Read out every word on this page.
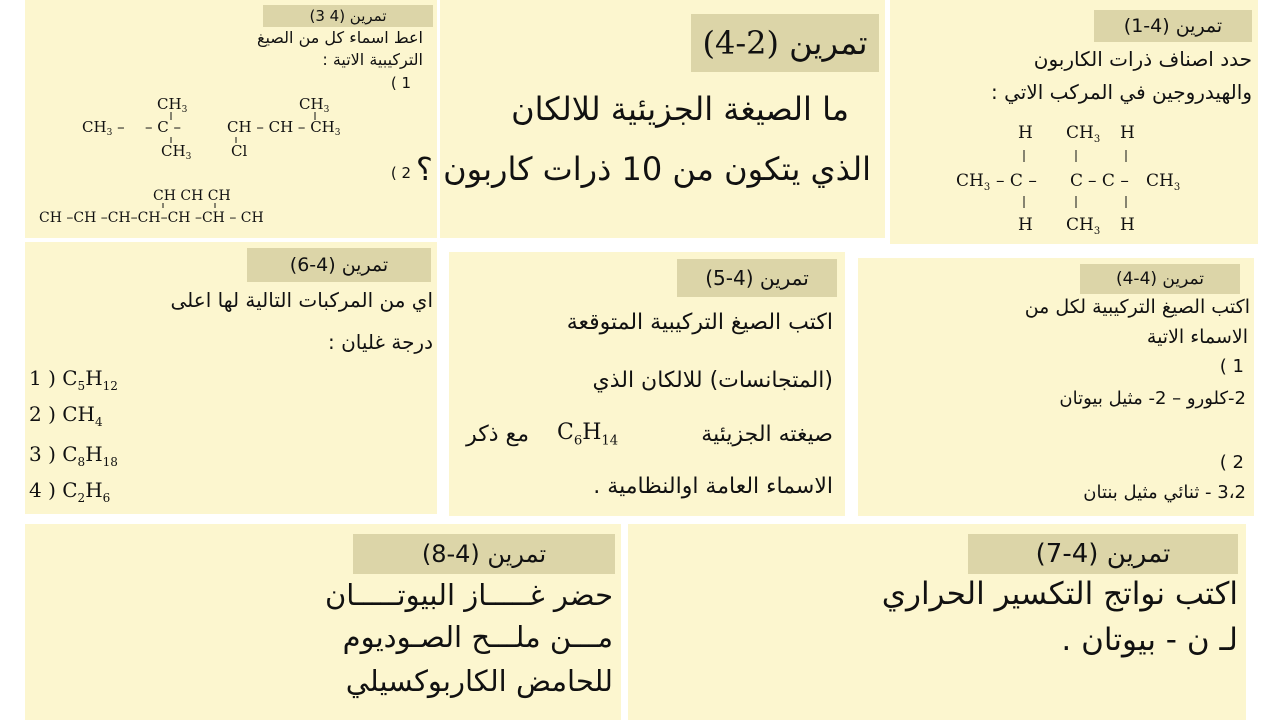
تمرين (4 3)
اعط اسماء كل من الصيغ
التركيبية الاتية :
1 )
$CH_3$	$CH_3$
$CH_3$ – – C –	CH – CH – $CH_3$
$CH_3$	Cl
2 )
CH CH CH
CH –CH –CH–CH–CH –CH – CH
تمرين (2-4)
ما الصيغة الجزيئية للالكان
الذي يتكون من 10 ذرات كاربون ؟
تمرين (4-1)
حدد اصناف ذرات الكاربون
والهيدروجين في المركب الاتي :
H $CH_3$ H
$CH_3$ – C – C – C – $CH_3$
H $CH_3$ H
تمرين (4-6)
اي من المركبات التالية لها اعلى
درجة غليان :
1 ) $C_5H_{12}$
2 ) $CH_4$
3 ) $C_8H_{18}$
4 ) $C_2H_6$
تمرين (4-5)
اكتب الصيغ التركيبية المتوقعة
(المتجانسات) للالكان الذي
صيغته الجزيئية
$C_6H_{14}$
مع ذكر
الاسماء العامة اوالنظامية .
تمرين (4-4)
اكتب الصيغ التركيبية لكل من
الاسماء الاتية
1 )
2-كلورو – 2- مثيل بيوتان
2 )
3،2 - ثنائي مثيل بنتان
تمرين (4-8)
حضر غـــــاز البيوتـــــان
مـــن ملـــح الصـوديوم
للحامض الكاربوكسيلي
تمرين (4-7)
اكتب نواتج التكسير الحراري
لـ ن - بيوتان .
